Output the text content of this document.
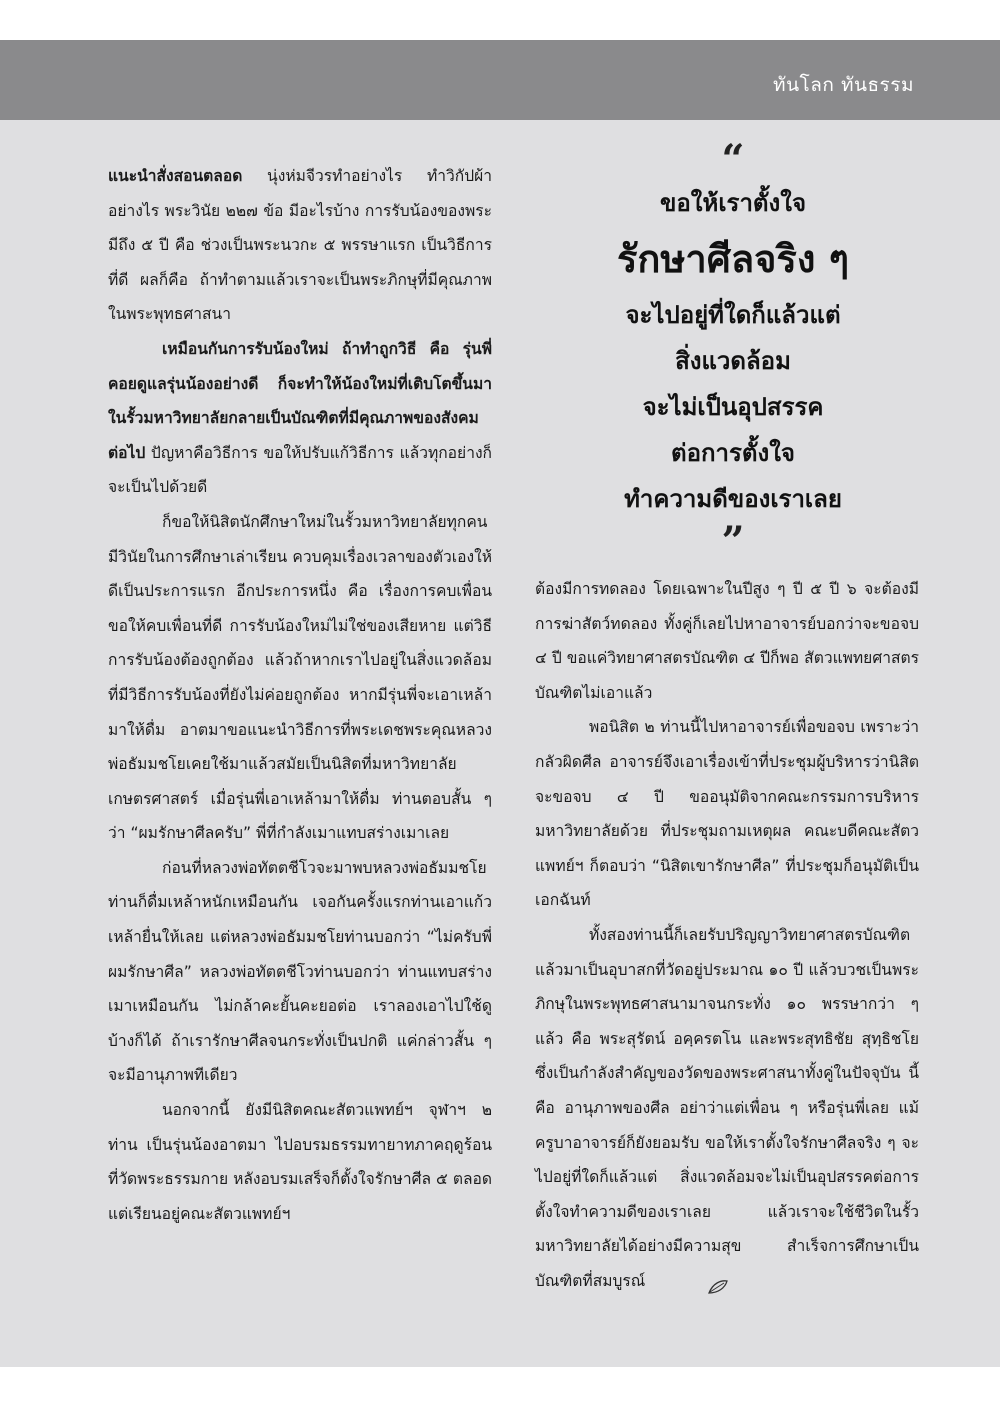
ทันโลก ทันธรรม

แนะนำสั่งสอนตลอด นุ่งห่มจีวรทำอย่างไร ทำวิกัปผ้าอย่างไร พระวินัย ๒๒๗ ข้อ มีอะไรบ้าง การรับน้องของพระมีถึง ๕ ปี คือ ช่วงเป็นพระนวกะ ๕ พรรษาแรก เป็นวิธีการที่ดี ผลก็คือ ถ้าทำตามแล้วเราจะเป็นพระภิกษุที่มีคุณภาพในพระพุทธศาสนา

เหมือนกันการรับน้องใหม่ ถ้าทำถูกวิธี คือ รุ่นพี่คอยดูแลรุ่นน้องอย่างดี ก็จะทำให้น้องใหม่ที่เติบโตขึ้นมาในรั้วมหาวิทยาลัยกลายเป็นบัณฑิตที่มีคุณภาพของสังคมต่อไป ปัญหาคือวิธีการ ขอให้ปรับแก้วิธีการ แล้วทุกอย่างก็จะเป็นไปด้วยดี

ก็ขอให้นิสิตนักศึกษาใหม่ในรั้วมหาวิทยาลัยทุกคนมีวินัยในการศึกษาเล่าเรียน ควบคุมเรื่องเวลาของตัวเองให้ดีเป็นประการแรก อีกประการหนึ่ง คือ เรื่องการคบเพื่อน ขอให้คบเพื่อนที่ดี การรับน้องใหม่ไม่ใช่ของเสียหาย แต่วิธีการรับน้องต้องถูกต้อง แล้วถ้าหากเราไปอยู่ในสิ่งแวดล้อมที่มีวิธีการรับน้องที่ยังไม่ค่อยถูกต้อง หากมีรุ่นพี่จะเอาเหล้ามาให้ดื่ม อาตมาขอแนะนำวิธีการที่พระเดชพระคุณหลวงพ่อธัมมชโยเคยใช้มาแล้วสมัยเป็นนิสิตที่มหาวิทยาลัยเกษตรศาสตร์ เมื่อรุ่นพี่เอาเหล้ามาให้ดื่ม ท่านตอบสั้น ๆ ว่า “ผมรักษาศีลครับ” พี่ที่กำลังเมาแทบสร่างเมาเลย

ก่อนที่หลวงพ่อทัตตชีโวจะมาพบหลวงพ่อธัมมชโยท่านก็ดื่มเหล้าหนักเหมือนกัน เจอกันครั้งแรกท่านเอาแก้วเหล้ายื่นให้เลย แต่หลวงพ่อธัมมชโยท่านบอกว่า “ไม่ครับพี่ ผมรักษาศีล” หลวงพ่อทัตตชีโวท่านบอกว่า ท่านแทบสร่างเมาเหมือนกัน ไม่กล้าคะยั้นคะยอต่อ เราลองเอาไปใช้ดูบ้างก็ได้ ถ้าเรารักษาศีลจนกระทั่งเป็นปกติ แค่กล่าวสั้น ๆ จะมีอานุภาพทีเดียว

นอกจากนี้ ยังมีนิสิตคณะสัตวแพทย์ฯ จุฬาฯ ๒ ท่าน เป็นรุ่นน้องอาตมา ไปอบรมธรรมทายาทภาคฤดูร้อนที่วัดพระธรรมกาย หลังอบรมเสร็จก็ตั้งใจรักษาศีล ๕ ตลอด แต่เรียนอยู่คณะสัตวแพทย์ฯ

“
ขอให้เราตั้งใจ
รักษาศีลจริง ๆ
จะไปอยู่ที่ใดก็แล้วแต่
สิ่งแวดล้อม
จะไม่เป็นอุปสรรค
ต่อการตั้งใจ
ทำความดีของเราเลย
”

ต้องมีการทดลอง โดยเฉพาะในปีสูง ๆ ปี ๕ ปี ๖ จะต้องมีการฆ่าสัตว์ทดลอง ทั้งคู่ก็เลยไปหาอาจารย์บอกว่าจะขอจบ ๔ ปี ขอแค่วิทยาศาสตรบัณฑิต ๔ ปีก็พอ สัตวแพทยศาสตรบัณฑิตไม่เอาแล้ว

พอนิสิต ๒ ท่านนี้ไปหาอาจารย์เพื่อขอจบ เพราะว่ากลัวผิดศีล อาจารย์จึงเอาเรื่องเข้าที่ประชุมผู้บริหารว่านิสิตจะขอจบ ๔ ปี ขออนุมัติจากคณะกรรมการบริหารมหาวิทยาลัยด้วย ที่ประชุมถามเหตุผล คณะบดีคณะสัตวแพทย์ฯ ก็ตอบว่า “นิสิตเขารักษาศีล” ที่ประชุมก็อนุมัติเป็นเอกฉันท์

ทั้งสองท่านนี้ก็เลยรับปริญญาวิทยาศาสตรบัณฑิต แล้วมาเป็นอุบาสกที่วัดอยู่ประมาณ ๑๐ ปี แล้วบวชเป็นพระภิกษุในพระพุทธศาสนามาจนกระทั่ง ๑๐ พรรษากว่า ๆ แล้ว คือ พระสุรัตน์ อคฺครตโน และพระสุทธิชัย สุทฺธิชโย ซึ่งเป็นกำลังสำคัญของวัดของพระศาสนาทั้งคู่ในปัจจุบัน นี้คือ อานุภาพของศีล อย่าว่าแต่เพื่อน ๆ หรือรุ่นพี่เลย แม้ครูบาอาจารย์ก็ยังยอมรับ ขอให้เราตั้งใจรักษาศีลจริง ๆ จะไปอยู่ที่ใดก็แล้วแต่ สิ่งแวดล้อมจะไม่เป็นอุปสรรคต่อการตั้งใจทำความดีของเราเลย แล้วเราจะใช้ชีวิตในรั้วมหาวิทยาลัยได้อย่างมีความสุข สำเร็จการศึกษาเป็นบัณฑิตที่สมบูรณ์
